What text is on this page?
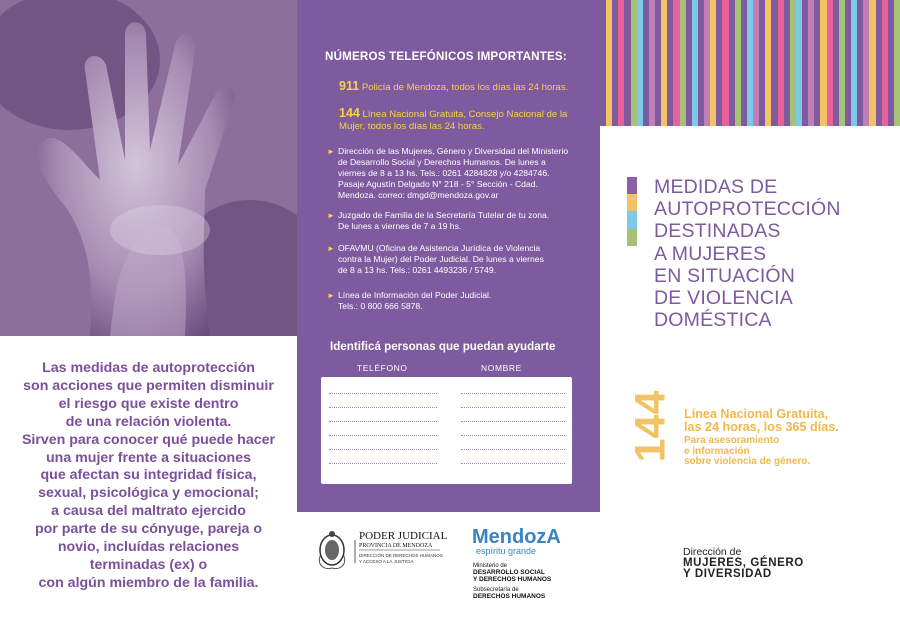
Las medidas de autoprotección
son acciones que permiten disminuir
el riesgo que existe dentro
de una relación violenta.
Sirven para conocer qué puede hacer
una mujer frente a situaciones
que afectan su integridad física,
sexual, psicológica y emocional;
a causa del maltrato ejercido
por parte de su cónyuge, pareja o
novio, incluídas relaciones
terminadas (ex) o
con algún miembro de la familia.
NÚMEROS TELEFÓNICOS IMPORTANTES:
911 Policía de Mendoza, todos los días las 24 horas.
144 Línea Nacional Gratuita, Consejo Nacional de la
Mujer, todos los días las 24 horas.
► Dirección de las Mujeres, Género y Diversidad del Ministerio
de Desarrollo Social y Derechos Humanos. De lunes a
viernes de 8 a 13 hs. Tels.: 0261 4284828 y/o 4284746.
Pasaje Agustín Delgado N° 218 - 5° Sección - Cdad.
Mendoza. correo: dmgd@mendoza.gov.ar
► Juzgado de Familia de la Secretaría Tutelar de tu zona.
De lunes a viernes de 7 a 19 hs.
► OFAVMU (Oficina de Asistencia Jurídica de Violencia
contra la Mujer) del Poder Judicial. De lunes a viernes
de 8 a 13 hs. Tels.: 0261 4493236 / 5749.
► Línea de Información del Poder Judicial.
Tels.: 0 800 666 5878.
Identificá personas que puedan ayudarte
TELÉFONO	NOMBRE
PODER JUDICIAL
PROVINCIA DE MENDOZA
DIRECCIÓN DE DERECHOS HUMANOS
Y ACCESO A LA JUSTICIA
MendozA
espíritu grande
Ministerio de
DESARROLLO SOCIAL
Y DERECHOS HUMANOS
Subsecretaría de
DERECHOS HUMANOS
MEDIDAS DE
AUTOPROTECCIÓN
DESTINADAS
A MUJERES
EN SITUACIÓN
DE VIOLENCIA
DOMÉSTICA
144 Línea Nacional Gratuita,
las 24 horas, los 365 días.
Para asesoramiento
e información
sobre violencia de género.
Dirección de
MUJERES, GÉNERO
Y DIVERSIDAD
